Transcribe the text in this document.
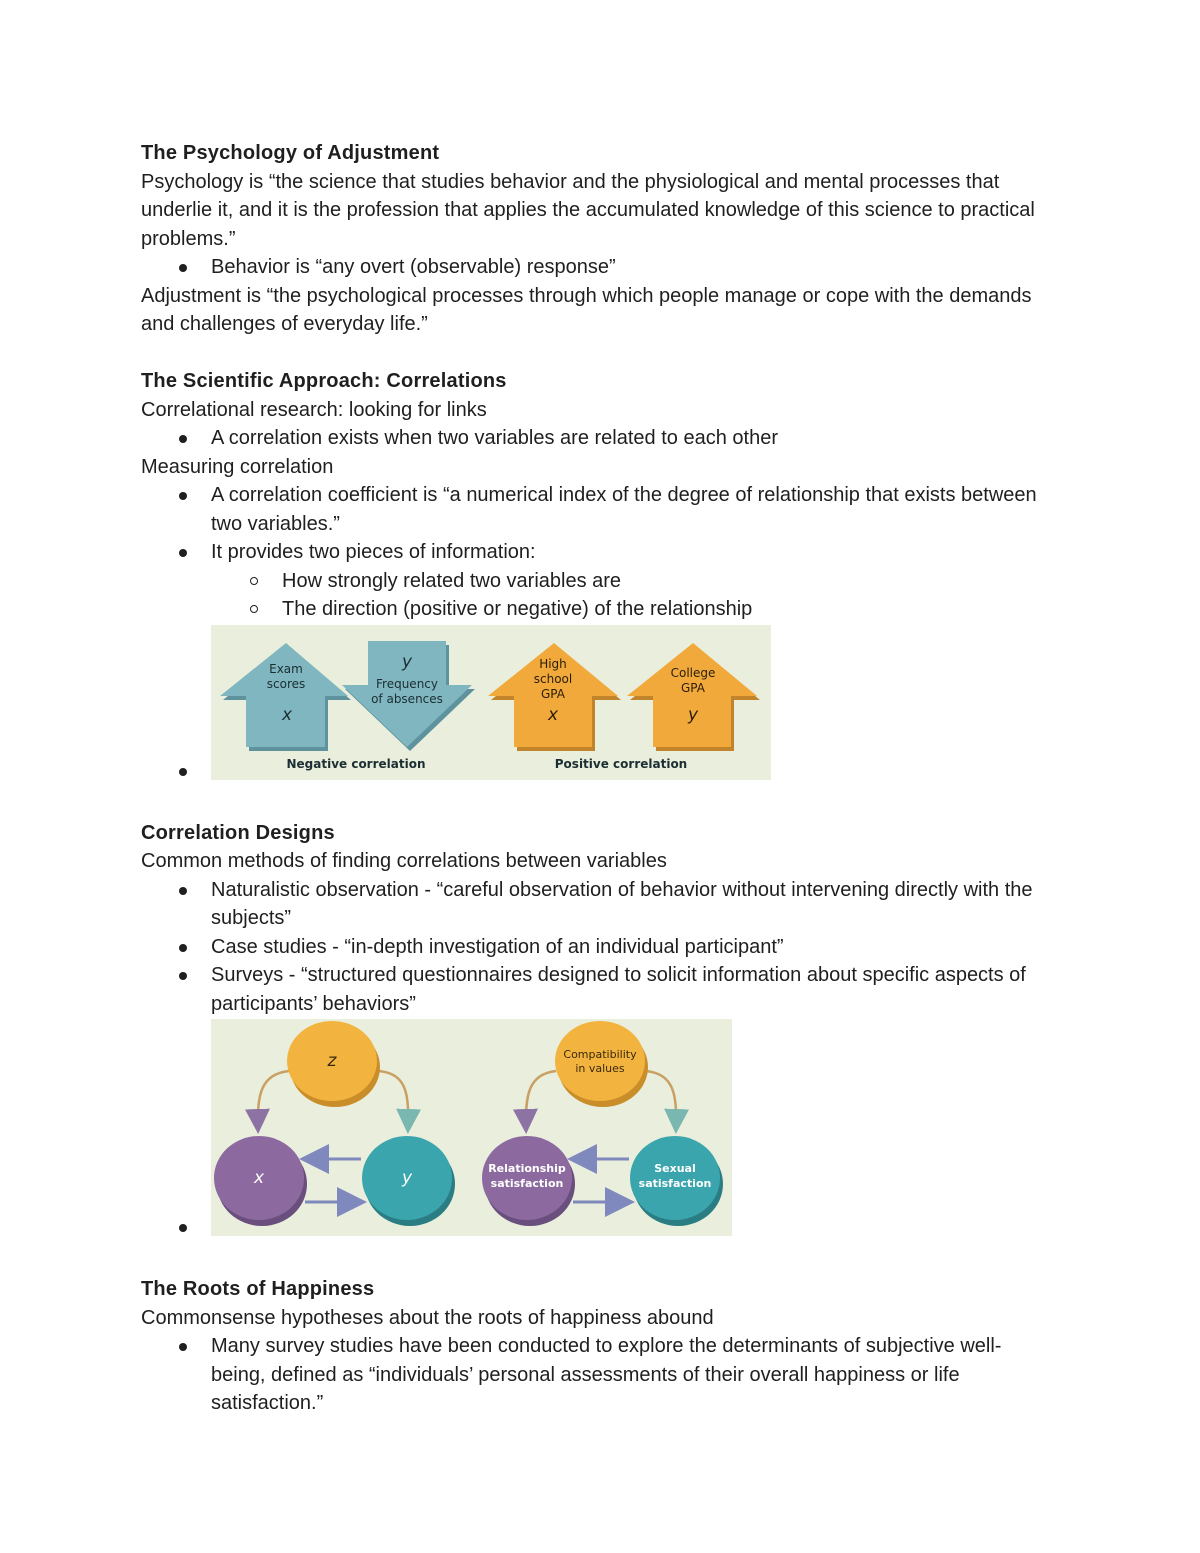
The Psychology of Adjustment
Psychology is “the science that studies behavior and the physiological and mental processes that underlie it, and it is the profession that applies the accumulated knowledge of this science to practical problems.”
Behavior is “any overt (observable) response”
Adjustment is “the psychological processes through which people manage or cope with the demands and challenges of everyday life.”
The Scientific Approach: Correlations
Correlational research: looking for links
A correlation exists when two variables are related to each other
Measuring correlation
A correlation coefficient is “a numerical index of the degree of relationship that exists between two variables.”
It provides two pieces of information:
How strongly related two variables are
The direction (positive or negative) of the relationship
Exam
scores
x
y
Frequency
of absences
Negative correlation
High
school
GPA
x
College
GPA
y
Positive correlation
Correlation Designs
Common methods of finding correlations between variables
Naturalistic observation - “careful observation of behavior without intervening directly with the subjects”
Case studies - “in-depth investigation of an individual participant”
Surveys - “structured questionnaires designed to solicit information about specific aspects of participants’ behaviors”
z
x	y
Compatibility
in values
Relationship
satisfaction
Sexual
satisfaction
The Roots of Happiness
Commonsense hypotheses about the roots of happiness abound
Many survey studies have been conducted to explore the determinants of subjective well-being, defined as “individuals’ personal assessments of their overall happiness or life satisfaction.”
